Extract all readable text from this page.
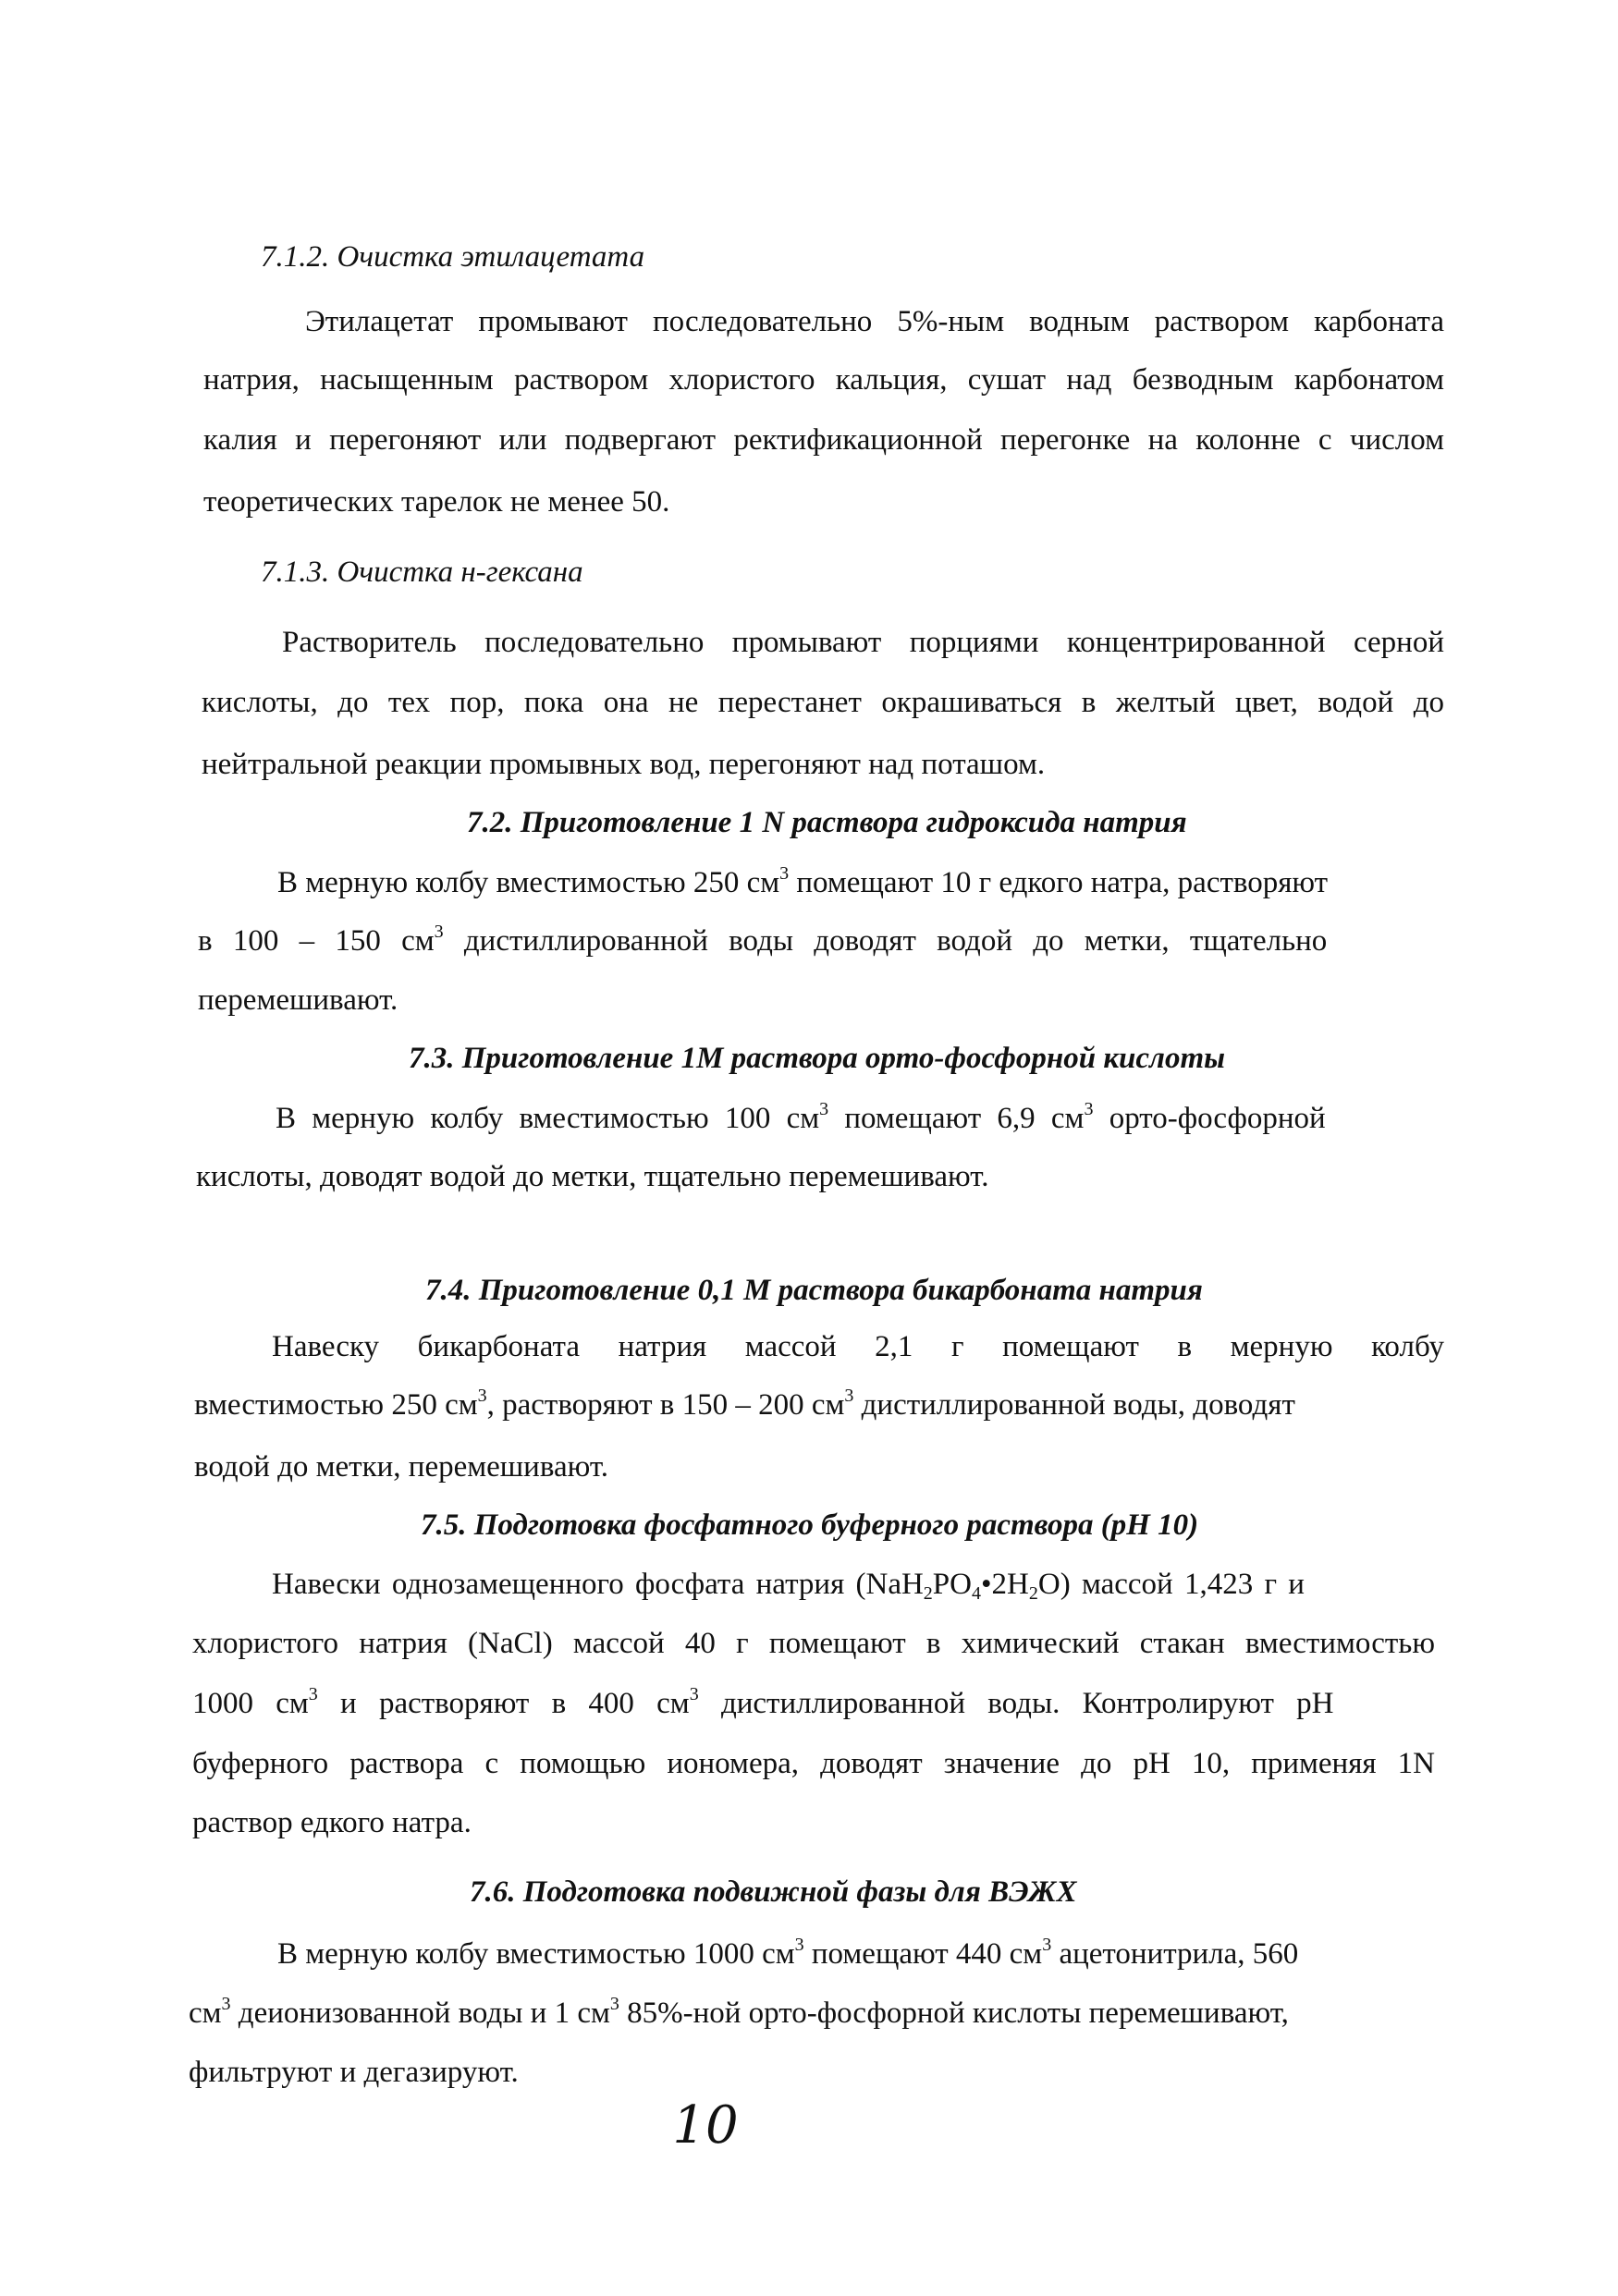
7.1.2. Очистка этилацетата
Этилацетат промывают последовательно 5%-ным водным раствором карбоната
натрия, насыщенным раствором хлористого кальция, сушат над безводным карбонатом
калия и перегоняют или подвергают ректификационной перегонке на колонне с числом
теоретических тарелок не менее 50.
7.1.3. Очистка н-гексана
Растворитель последовательно промывают порциями концентрированной серной
кислоты, до тех пор, пока она не перестанет окрашиваться в желтый цвет, водой до
нейтральной реакции промывных вод, перегоняют над поташом.
7.2. Приготовление 1 N раствора гидроксида натрия
В мерную колбу вместимостью 250 $см^3$ помещают 10 г едкого натра, растворяют
в 100 – 150 $см^3$ дистиллированной воды доводят водой до метки, тщательно
перемешивают.
7.3. Приготовление 1М раствора орто-фосфорной кислоты
В мерную колбу вместимостью 100 $см^3$ помещают 6,9 $см^3$ орто-фосфорной
кислоты, доводят водой до метки, тщательно перемешивают.
7.4. Приготовление 0,1 М раствора бикарбоната натрия
Навеску бикарбоната натрия массой 2,1 г помещают в мерную колбу
вместимостью 250 $см^3$, растворяют в 150 – 200 $см^3$ дистиллированной воды, доводят
водой до метки, перемешивают.
7.5. Подготовка фосфатного буферного раствора (pH 10)
Навески однозамещенного фосфата натрия $(NaH_2PO_4•2H_2O)$ массой 1,423 г и
хлористого натрия (NaCl) массой 40 г помещают в химический стакан вместимостью
1000 $см^3$ и растворяют в 400 $см^3$ дистиллированной воды. Контролируют pH
буферного раствора с помощью иономера, доводят значение до pH 10, применяя 1N
раствор едкого натра.
7.6. Подготовка подвижной фазы для ВЭЖХ
В мерную колбу вместимостью 1000 $см^3$ помещают 440 $см^3$ ацетонитрила, 560
$см^3$ деионизованной воды и 1 $см^3$ 85%-ной орто-фосфорной кислоты перемешивают,
фильтруют и дегазируют.
10
